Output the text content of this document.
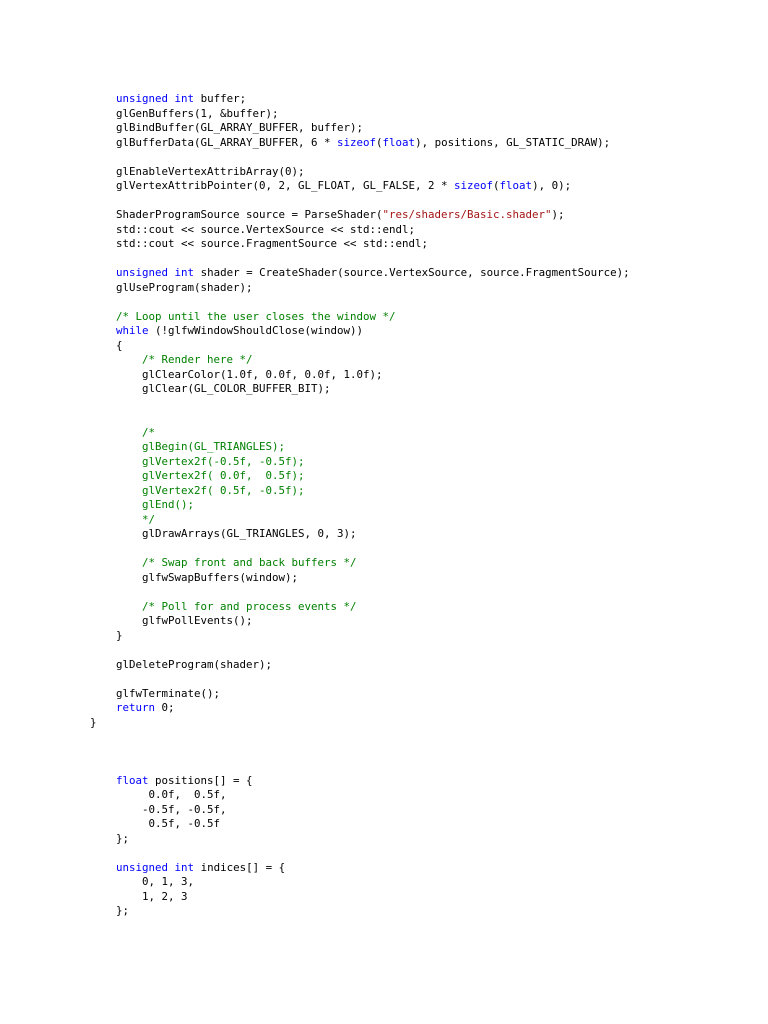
unsigned int buffer;
glGenBuffers(1, &buffer);
glBindBuffer(GL_ARRAY_BUFFER, buffer);
glBufferData(GL_ARRAY_BUFFER, 6 * sizeof(float), positions, GL_STATIC_DRAW);

glEnableVertexAttribArray(0);
glVertexAttribPointer(0, 2, GL_FLOAT, GL_FALSE, 2 * sizeof(float), 0);

ShaderProgramSource source = ParseShader("res/shaders/Basic.shader");
std::cout << source.VertexSource << std::endl;
std::cout << source.FragmentSource << std::endl;

unsigned int shader = CreateShader(source.VertexSource, source.FragmentSource);
glUseProgram(shader);

/* Loop until the user closes the window */
while (!glfwWindowShouldClose(window))
{
/* Render here */
glClearColor(1.0f, 0.0f, 0.0f, 1.0f);
glClear(GL_COLOR_BUFFER_BIT);

/*
glBegin(GL_TRIANGLES);
glVertex2f(-0.5f, -0.5f);
glVertex2f( 0.0f,  0.5f);
glVertex2f( 0.5f, -0.5f);
glEnd();
*/
glDrawArrays(GL_TRIANGLES, 0, 3);

/* Swap front and back buffers */
glfwSwapBuffers(window);

/* Poll for and process events */
glfwPollEvents();
}

glDeleteProgram(shader);

glfwTerminate();
return 0;
}

float positions[] = {
0.0f,  0.5f,
-0.5f, -0.5f,
0.5f, -0.5f
};

unsigned int indices[] = {
0, 1, 3,
1, 2, 3
};
